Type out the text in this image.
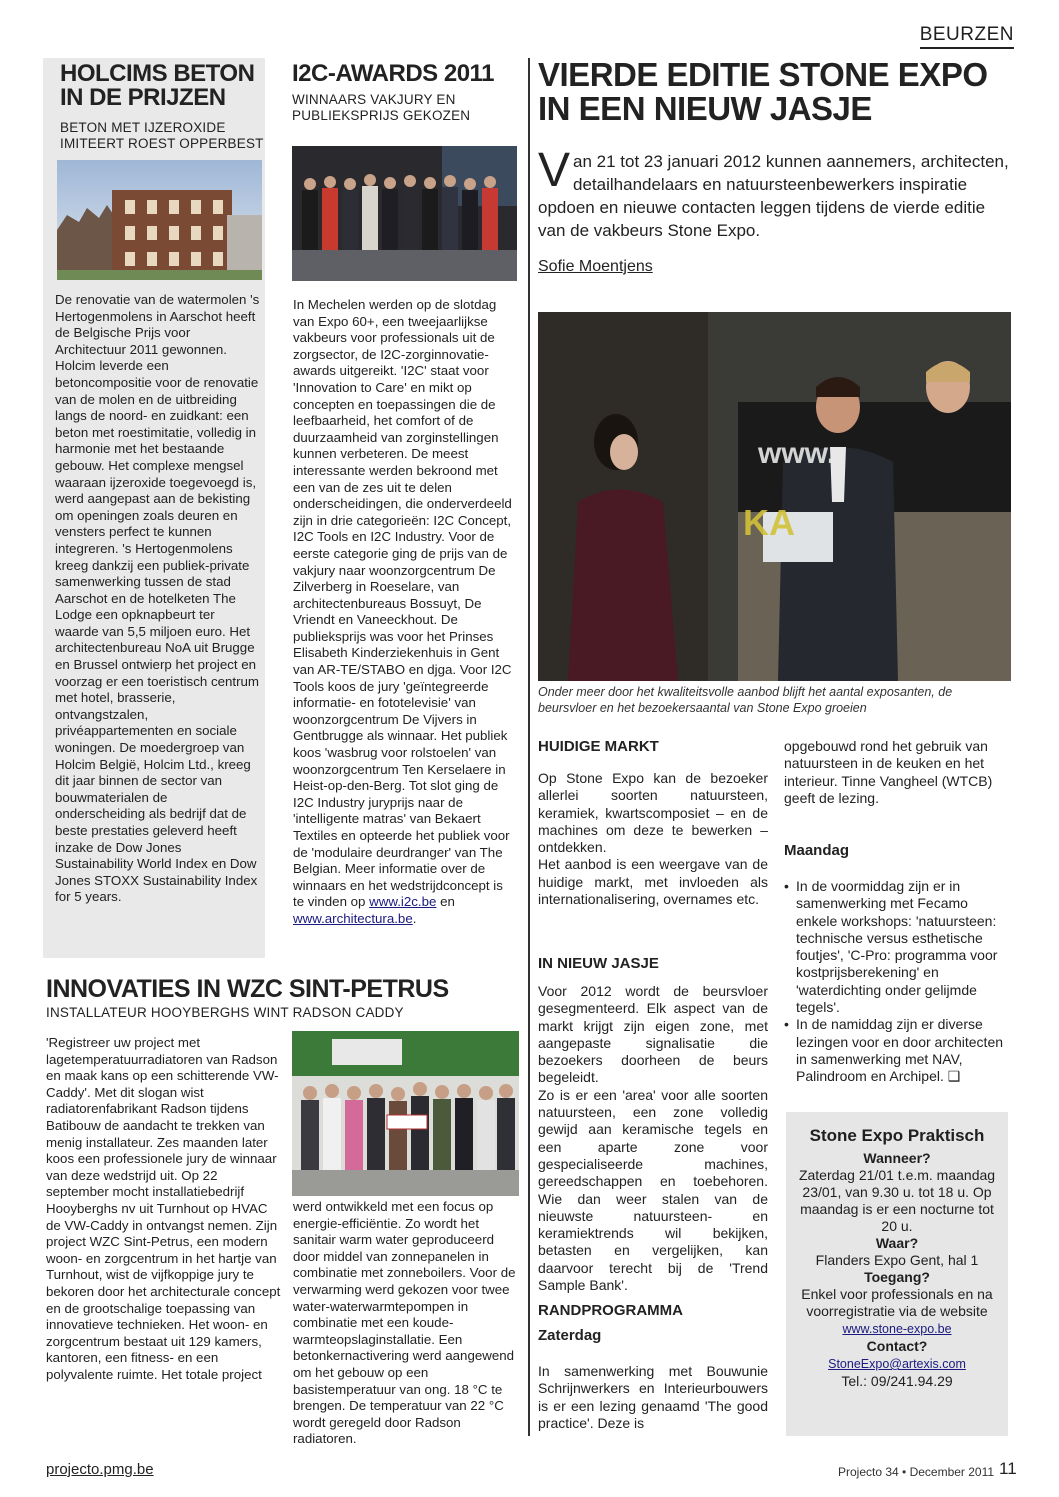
BEURZEN
HOLCIMS BETON IN DE PRIJZEN
BETON MET IJZEROXIDE IMITEERT ROEST OPPERBEST
De renovatie van de watermolen 's Hertogenmolens in Aarschot heeft de Belgische Prijs voor Architectuur 2011 gewonnen. Holcim leverde een betoncompositie voor de renovatie van de molen en de uitbreiding langs de noord- en zuidkant: een beton met roestimitatie, volledig in harmonie met het bestaande gebouw. Het complexe mengsel waaraan ijzeroxide toegevoegd is, werd aangepast aan de bekisting om openingen zoals deuren en vensters perfect te kunnen integreren. 's Hertogenmolens kreeg dankzij een publiek-private samenwerking tussen de stad Aarschot en de hotelketen The Lodge een opknapbeurt ter waarde van 5,5 miljoen euro. Het architectenbureau NoA uit Brugge en Brussel ontwierp het project en voorzag er een toeristisch centrum met hotel, brasserie, ontvangstzalen, privéappartementen en sociale woningen. De moedergroep van Holcim België, Holcim Ltd., kreeg dit jaar binnen de sector van bouwmaterialen de onderscheiding als bedrijf dat de beste prestaties geleverd heeft inzake de Dow Jones Sustainability World Index en Dow Jones STOXX Sustainability Index for 5 years.
I2C-AWARDS 2011
WINNAARS VAKJURY EN PUBLIEKSPRIJS GEKOZEN
In Mechelen werden op de slotdag van Expo 60+, een tweejaarlijkse vakbeurs voor professionals uit de zorgsector, de I2C-zorginnovatie-awards uitgereikt. 'I2C' staat voor 'Innovation to Care' en mikt op concepten en toepassingen die de leefbaarheid, het comfort of de duurzaamheid van zorginstellingen kunnen verbeteren. De meest interessante werden bekroond met een van de zes uit te delen onderscheidingen, die onderverdeeld zijn in drie categorieën: I2C Concept, I2C Tools en I2C Industry. Voor de eerste categorie ging de prijs van de vakjury naar woonzorgcentrum De Zilverberg in Roeselare, van architectenbureaus Bossuyt, De Vriendt en Vaneeckhout. De publieksprijs was voor het Prinses Elisabeth Kinderziekenhuis in Gent van AR-TE/STABO en djga. Voor I2C Tools koos de jury 'geïntegreerde informatie- en fototelevisie' van woonzorgcentrum De Vijvers in Gentbrugge als winnaar. Het publiek koos 'wasbrug voor rolstoelen' van woonzorgcentrum Ten Kerselaere in Heist-op-den-Berg. Tot slot ging de I2C Industry juryprijs naar de 'intelligente matras' van Bekaert Textiles en opteerde het publiek voor de 'modulaire deurdranger' van The Belgian. Meer informatie over de winnaars en het wedstrijdconcept is te vinden op www.i2c.be en www.architectura.be.
INNOVATIES IN WZC SINT-PETRUS
INSTALLATEUR HOOYBERGHS WINT RADSON CADDY
'Registreer uw project met lagetemperatuurradiatoren van Radson en maak kans op een schitterende VW-Caddy'. Met dit slogan wist radiatorenfabrikant Radson tijdens Batibouw de aandacht te trekken van menig installateur. Zes maanden later koos een professionele jury de winnaar van deze wedstrijd uit. Op 22 september mocht installatiebedrijf Hooyberghs nv uit Turnhout op HVAC de VW-Caddy in ontvangst nemen. Zijn project WZC Sint-Petrus, een modern woon- en zorgcentrum in het hartje van Turnhout, wist de vijfkoppige jury te bekoren door het architecturale concept en de grootschalige toepassing van innovatieve technieken. Het woon- en zorgcentrum bestaat uit 129 kamers, kantoren, een fitness- en een polyvalente ruimte. Het totale project
werd ontwikkeld met een focus op energie-efficiëntie. Zo wordt het sanitair warm water geproduceerd door middel van zonnepanelen in combinatie met zonneboilers. Voor de verwarming werd gekozen voor twee water-waterwarmtepompen in combinatie met een koude-warmteopslaginstallatie. Een betonkernactivering werd aangewend om het gebouw op een basistemperatuur van ong. 18 °C te brengen. De temperatuur van 22 °C wordt geregeld door Radson radiatoren.
VIERDE EDITIE STONE EXPO
IN EEN NIEUW JASJE
Van 21 tot 23 januari 2012 kunnen aannemers, architecten, detailhandelaars en natuursteenbewerkers inspiratie opdoen en nieuwe contacten leggen tijdens de vierde editie van de vakbeurs Stone Expo.
Sofie Moentjens
www.
KA
Onder meer door het kwaliteitsvolle aanbod blijft het aantal exposanten, de beursvloer en het bezoekersaantal van Stone Expo groeien
HUIDIGE MARKT

Op Stone Expo kan de bezoeker allerlei soorten natuursteen, keramiek, kwartscomposiet – en de machines om deze te bewerken – ontdekken.

Het aanbod is een weergave van de huidige markt, met invloeden als internationalisering, overnames etc.

IN NIEUW JASJE

Voor 2012 wordt de beursvloer gesegmenteerd. Elk aspect van de markt krijgt zijn eigen zone, met aangepaste signalisatie die bezoekers doorheen de beurs begeleidt.

Zo is er een 'area' voor alle soorten natuursteen, een zone volledig gewijd aan keramische tegels en een aparte zone voor gespecialiseerde machines, gereedschappen en toebehoren. Wie dan weer stalen van de nieuwste natuursteen- en keramiektrends wil bekijken, betasten en vergelijken, kan daarvoor terecht bij de 'Trend Sample Bank'.

RANDPROGRAMMA
Zaterdag
In samenwerking met Bouwunie Schrijnwerkers en Interieurbouwers is er een lezing genaamd 'The good practice'. Deze is
opgebouwd rond het gebruik van natuursteen in de keuken en het interieur. Tinne Vangheel (WTCB) geeft de lezing.
Maandag
• In de voormiddag zijn er in samenwerking met Fecamo enkele workshops: 'natuursteen: technische versus esthetische foutjes', 'C-Pro: programma voor kostprijsberekening' en 'waterdichting onder gelijmde tegels'.
• In de namiddag zijn er diverse lezingen voor en door architecten in samenwerking met NAV, Palindroom en Archipel. ❑
Stone Expo Praktisch
Wanneer?
Zaterdag 21/01 t.e.m. maandag 23/01, van 9.30 u. tot 18 u. Op maandag is er een nocturne tot 20 u.
Waar?
Flanders Expo Gent, hal 1
Toegang?
Enkel voor professionals en na voorregistratie via de website
www.stone-expo.be
Contact?
StoneExpo@artexis.com
Tel.: 09/241.94.29
projecto.pmg.be	Projecto 34 • December 2011 11
